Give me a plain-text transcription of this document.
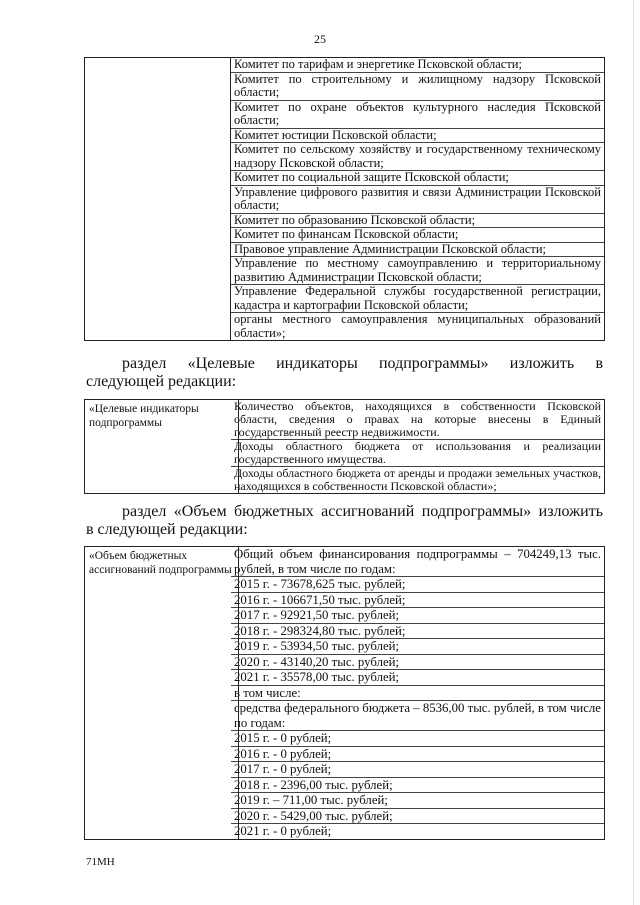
25
Комитет по тарифам и энергетике Псковской области;
Комитет по строительному и жилищному надзору Псковской области;
Комитет по охране объектов культурного наследия Псковской области;
Комитет юстиции Псковской области;
Комитет по сельскому хозяйству и государственному техническому надзору Псковской области;
Комитет по социальной защите Псковской области;
Управление цифрового развития и связи Администрации Псковской области;
Комитет по образованию Псковской области;
Комитет по финансам Псковской области;
Правовое управление Администрации Псковской области;
Управление по местному самоуправлению и территориальному развитию Администрации Псковской области;
Управление Федеральной службы государственной регистрации, кадастра и картографии Псковской области;
органы местного самоуправления муниципальных образований области»;
раздел «Целевые индикаторы подпрограммы» изложить в
следующей редакции:
«Целевые индикаторы подпрограммы
Количество объектов, находящихся в собственности Псковской области, сведения о правах на которые внесены в Единый государственный реестр недвижимости.
Доходы областного бюджета от использования и реализации государственного имущества.
Доходы областного бюджета от аренды и продажи земельных участков, находящихся в собственности Псковской области»;
раздел «Объем бюджетных ассигнований подпрограммы» изложить
в следующей редакции:
«Объем бюджетных ассигнований подпрограммы
Общий объем финансирования подпрограммы – 704249,13 тыс. рублей, в том числе по годам:
2015 г. - 73678,625 тыс. рублей;
2016 г. - 106671,50 тыс. рублей;
2017 г. - 92921,50 тыс. рублей;
2018 г. - 298324,80 тыс. рублей;
2019 г. - 53934,50 тыс. рублей;
2020 г. - 43140,20 тыс. рублей;
2021 г. - 35578,00 тыс. рублей;
в том числе:
средства федерального бюджета – 8536,00 тыс. рублей, в том числе по годам:
2015 г. - 0 рублей;
2016 г. - 0 рублей;
2017 г. - 0 рублей;
2018 г. - 2396,00 тыс. рублей;
2019 г. – 711,00 тыс. рублей;
2020 г. - 5429,00 тыс. рублей;
2021 г. - 0 рублей;
71МН
